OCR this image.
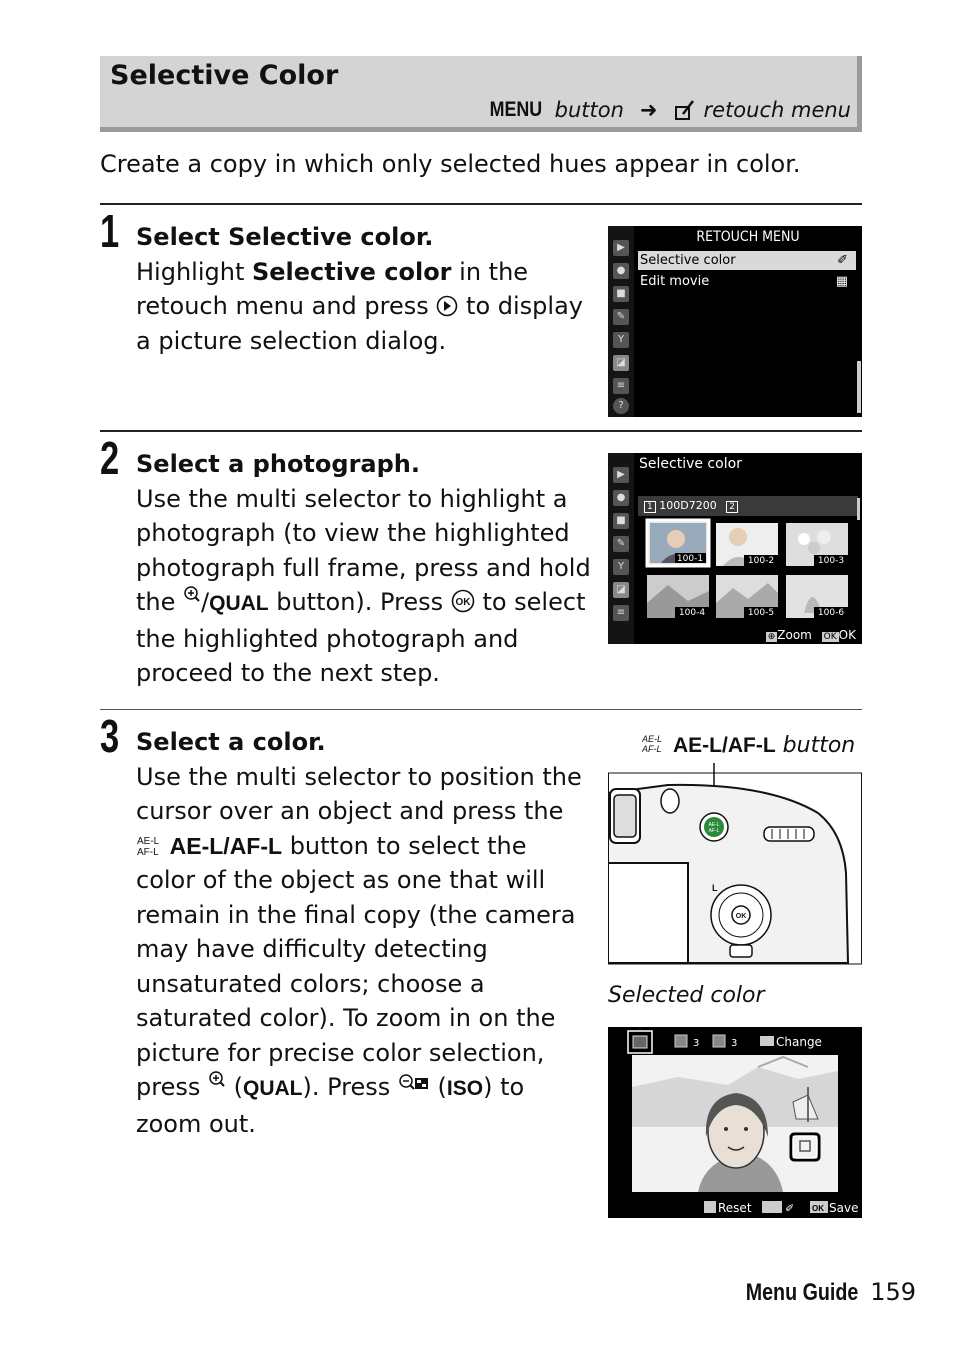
Selective Color
MENU button ➜ retouch menu
Create a copy in which only selected hues appear in color.
1 Select Selective color.
Highlight Selective color in the retouch menu and press  to display a picture selection dialog.
▶
●
■
✎
Y
◪
≡
?
RETOUCH MENU
Selective color	✐
Edit movie	▦
2 Select a photograph.
Use the multi selector to highlight a photograph (to view the highlighted photograph full frame, press and hold the /QUAL button). Press OK to select the highlighted photograph and proceed to the next step.
▶
●
■
✎
Y
◪
≡
Selective color
1 100D7200 2
100-1	100-2	100-3
100-4	100-5	100-6
⊕ Zoom OK OK
3 Select a color.
Use the multi selector to position the cursor over an object and press the
AE-L
AF-L AE-L/AF-L button to select the color of the object as one that will remain in the final copy (the camera may have difficulty detecting unsaturated colors; choose a saturated color). To zoom in on the picture for precise color selection, press  (QUAL). Press  (ISO) to zoom out.
AE-L
AF-L AE-L/AF-L button
AE-L
AF-L
L
OK
Selected color
3	3	Change
Reset	✐ OK Save
Menu Guide 159
